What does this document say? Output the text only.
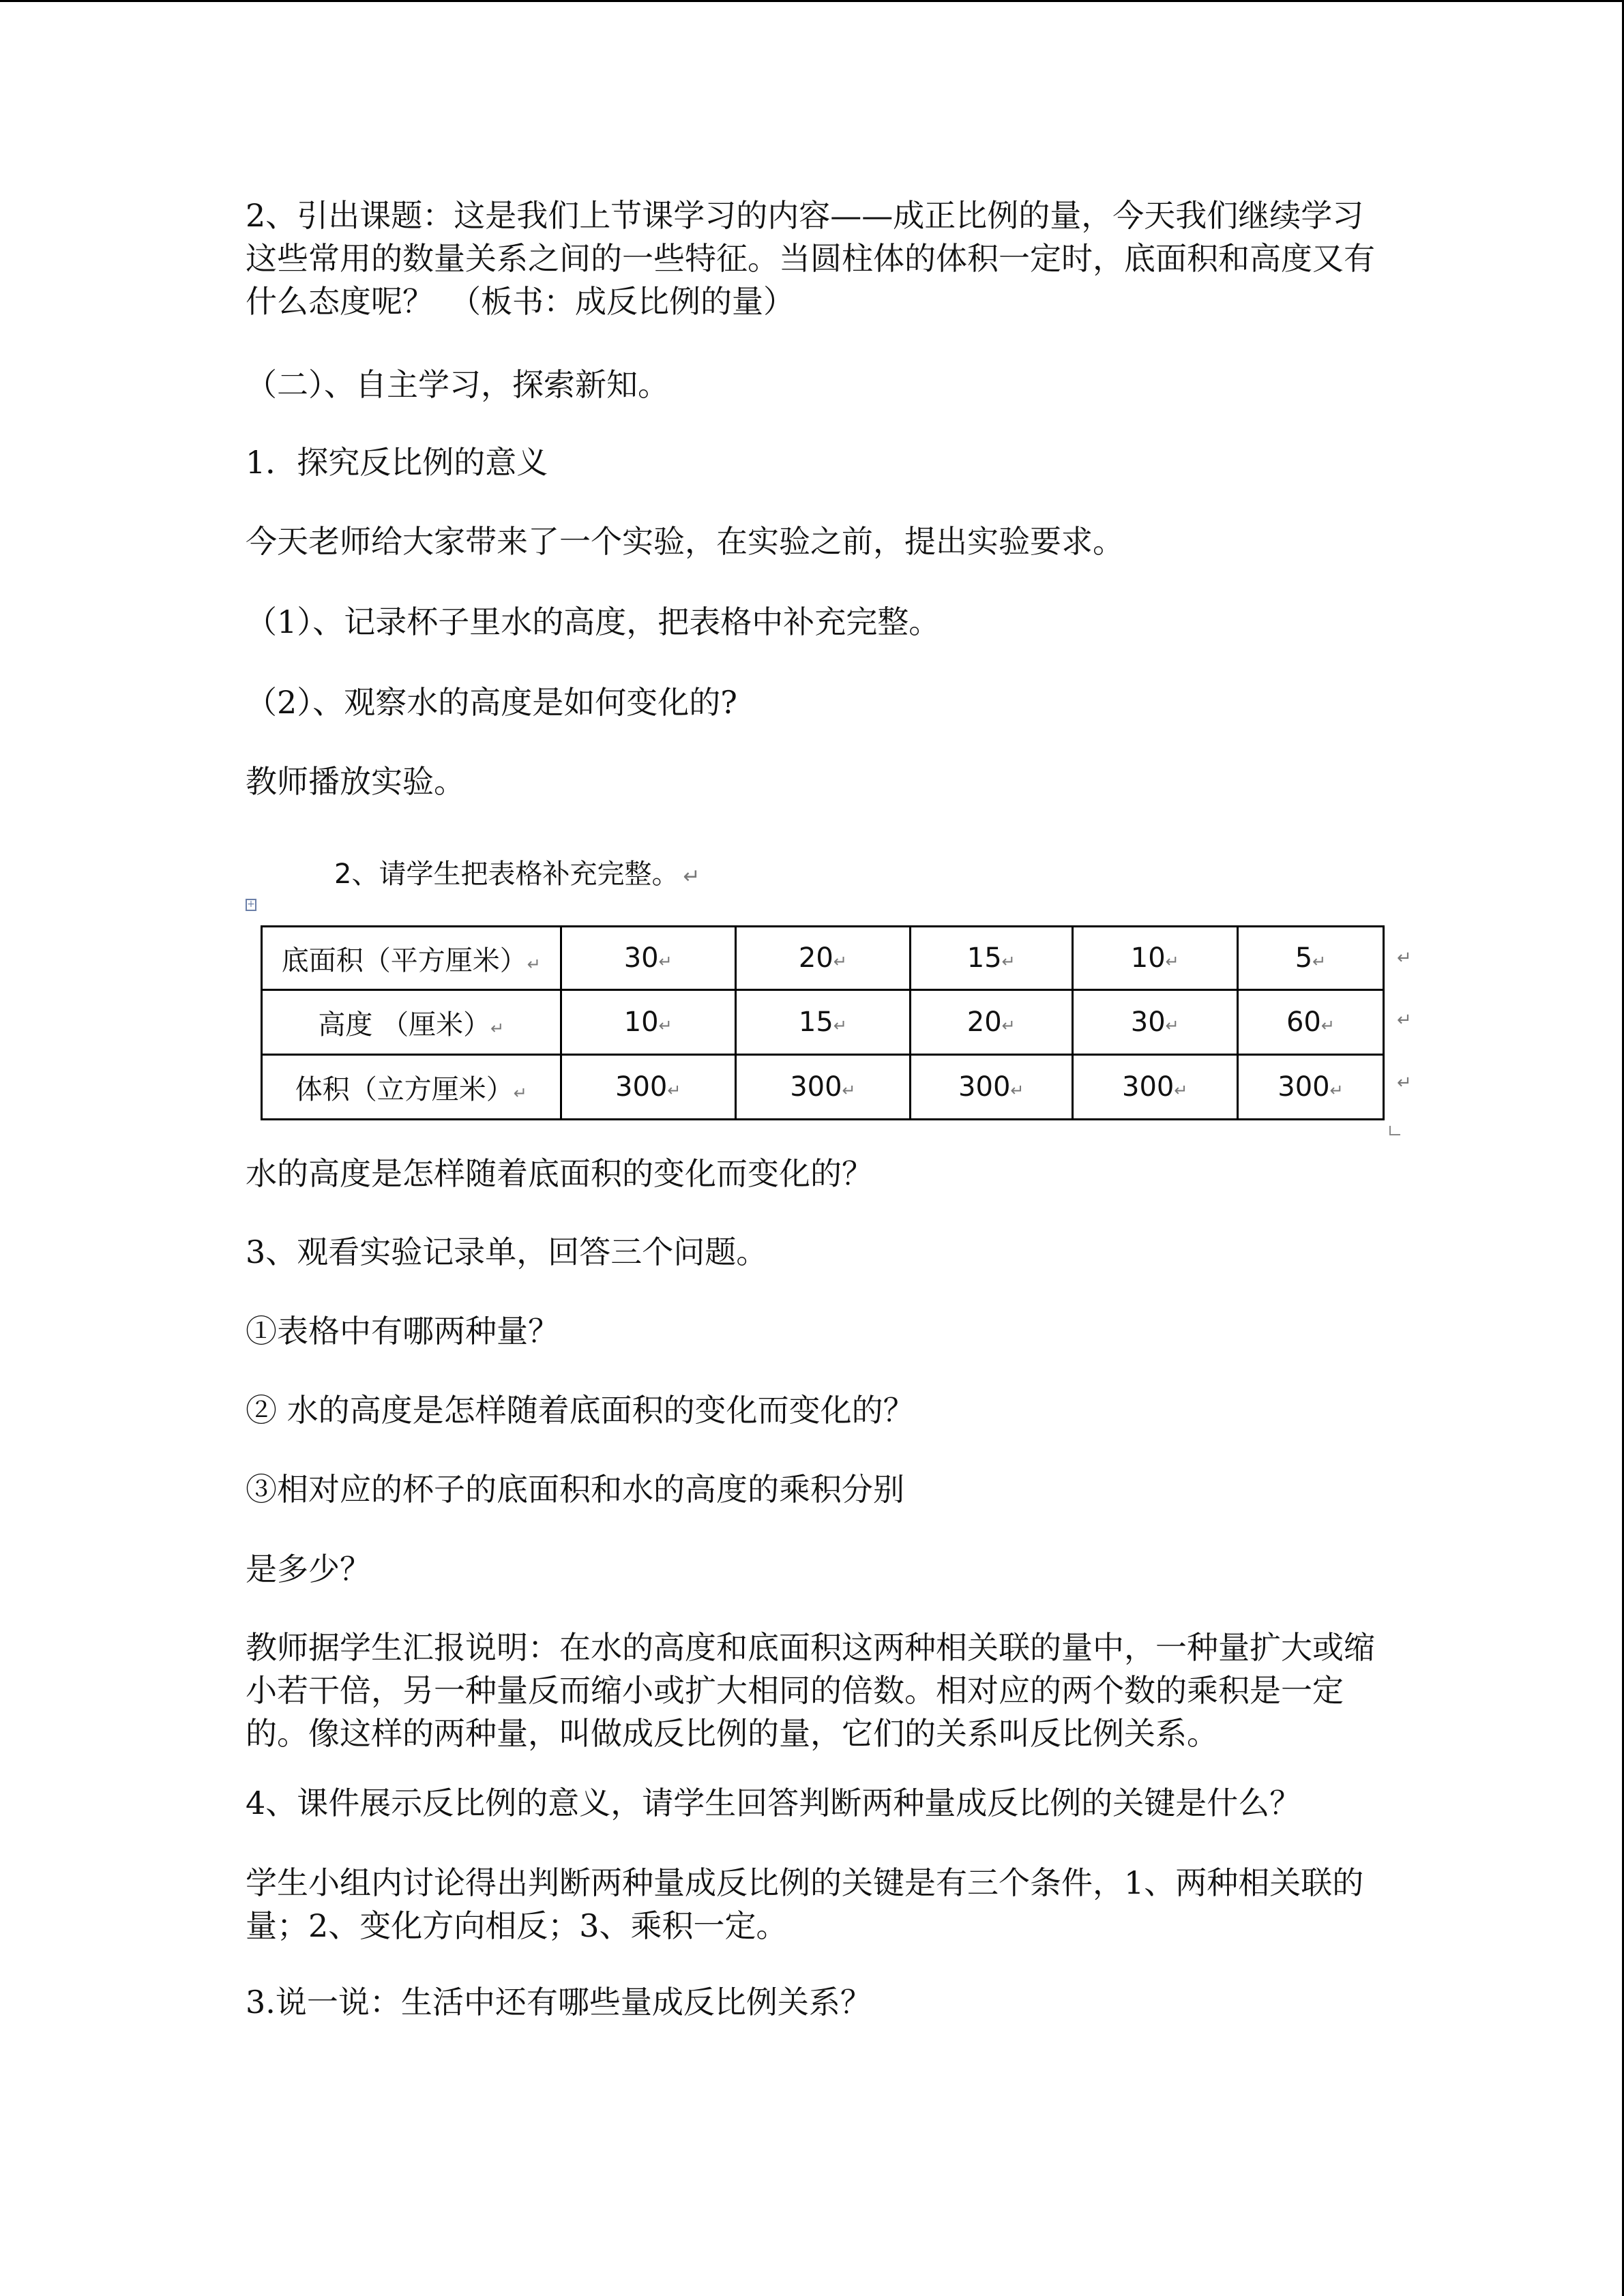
2、引出课题：这是我们上节课学习的内容——成正比例的量，今天我们继续学习这些常用的数量关系之间的一些特征。当圆柱体的体积一定时，底面积和高度又有什么态度呢？　（板书：成反比例的量）

（二）、自主学习，探索新知。

1．探究反比例的意义

今天老师给大家带来了一个实验，在实验之前，提出实验要求。

（1）、记录杯子里水的高度，把表格中补充完整。

（2）、观察水的高度是如何变化的?

教师播放实验。

2、请学生把表格补充完整。 ↵
+
底面积（平方厘米）↵	30↵	20↵	15↵	10↵	5↵
高度 （厘米）↵	10↵	15↵	20↵	30↵	60↵
体积（立方厘米）↵	300↵	300↵	300↵	300↵	300↵
↵
↵
↵

水的高度是怎样随着底面积的变化而变化的？

3、观看实验记录单，回答三个问题。

①表格中有哪两种量？

② 水的高度是怎样随着底面积的变化而变化的？

③相对应的杯子的底面积和水的高度的乘积分别

是多少？

教师据学生汇报说明：在水的高度和底面积这两种相关联的量中，一种量扩大或缩小若干倍，另一种量反而缩小或扩大相同的倍数。相对应的两个数的乘积是一定的。像这样的两种量，叫做成反比例的量，它们的关系叫反比例关系。

4、课件展示反比例的意义，请学生回答判断两种量成反比例的关键是什么？

学生小组内讨论得出判断两种量成反比例的关键是有三个条件，1、两种相关联的量；2、变化方向相反；3、乘积一定。

3.说一说：生活中还有哪些量成反比例关系？
